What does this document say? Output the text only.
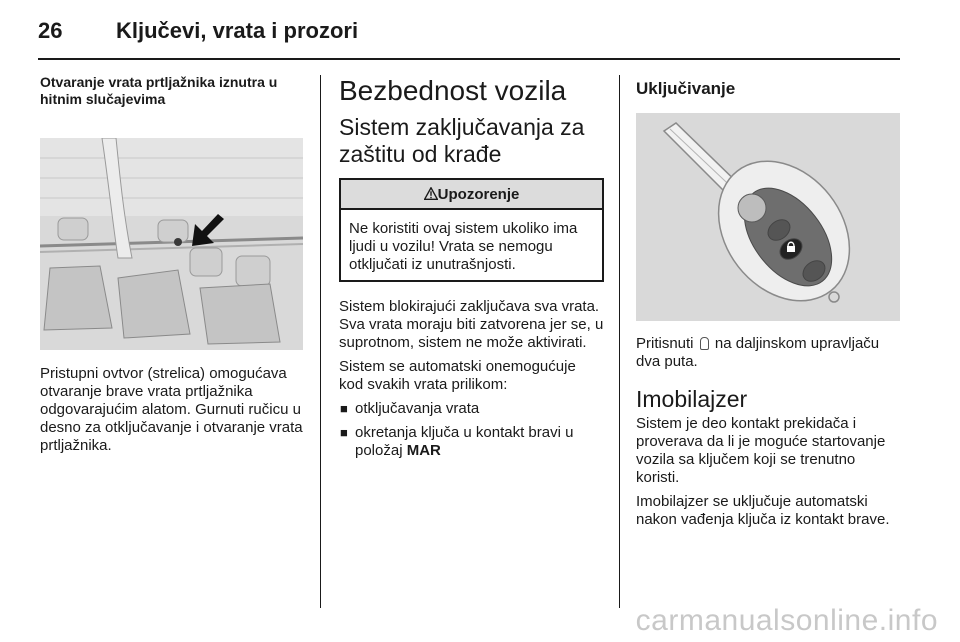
26 Ključevi, vrata i prozori
Otvaranje vrata prtljažnika iznutra u hitnim slučajevima

Pristupni ovtvor (strelica) omogućava otvaranje brave vrata prtljažnika odgovarajućim alatom. Gurnuti ručicu u desno za otključavanje i otvaranje vrata prtljažnika.

Bezbednost vozila
Sistem zaključavanja za zaštitu od krađe
Upozorenje
Ne koristiti ovaj sistem ukoliko ima ljudi u vozilu! Vrata se nemogu otključati iz unutrašnjosti.

Sistem blokirajući zaključava sva vrata. Sva vrata moraju biti zatvorena jer se, u suprotnom, sistem ne može aktivirati.

Sistem se automatski onemogućuje kod svakih vrata prilikom:

■ otključavanja vrata
■ okretanja ključa u kontakt bravi u položaj MAR
Uključivanje

Pritisnuti na daljinskom upravljaču dva puta.

Imobilajzer

Sistem je deo kontakt prekidača i proverava da li je moguće startovanje vozila sa ključem koji se trenutno koristi.

Imobilajzer se uključuje automatski nakon vađenja ključa iz kontakt brave.

carmanualsonline.info
